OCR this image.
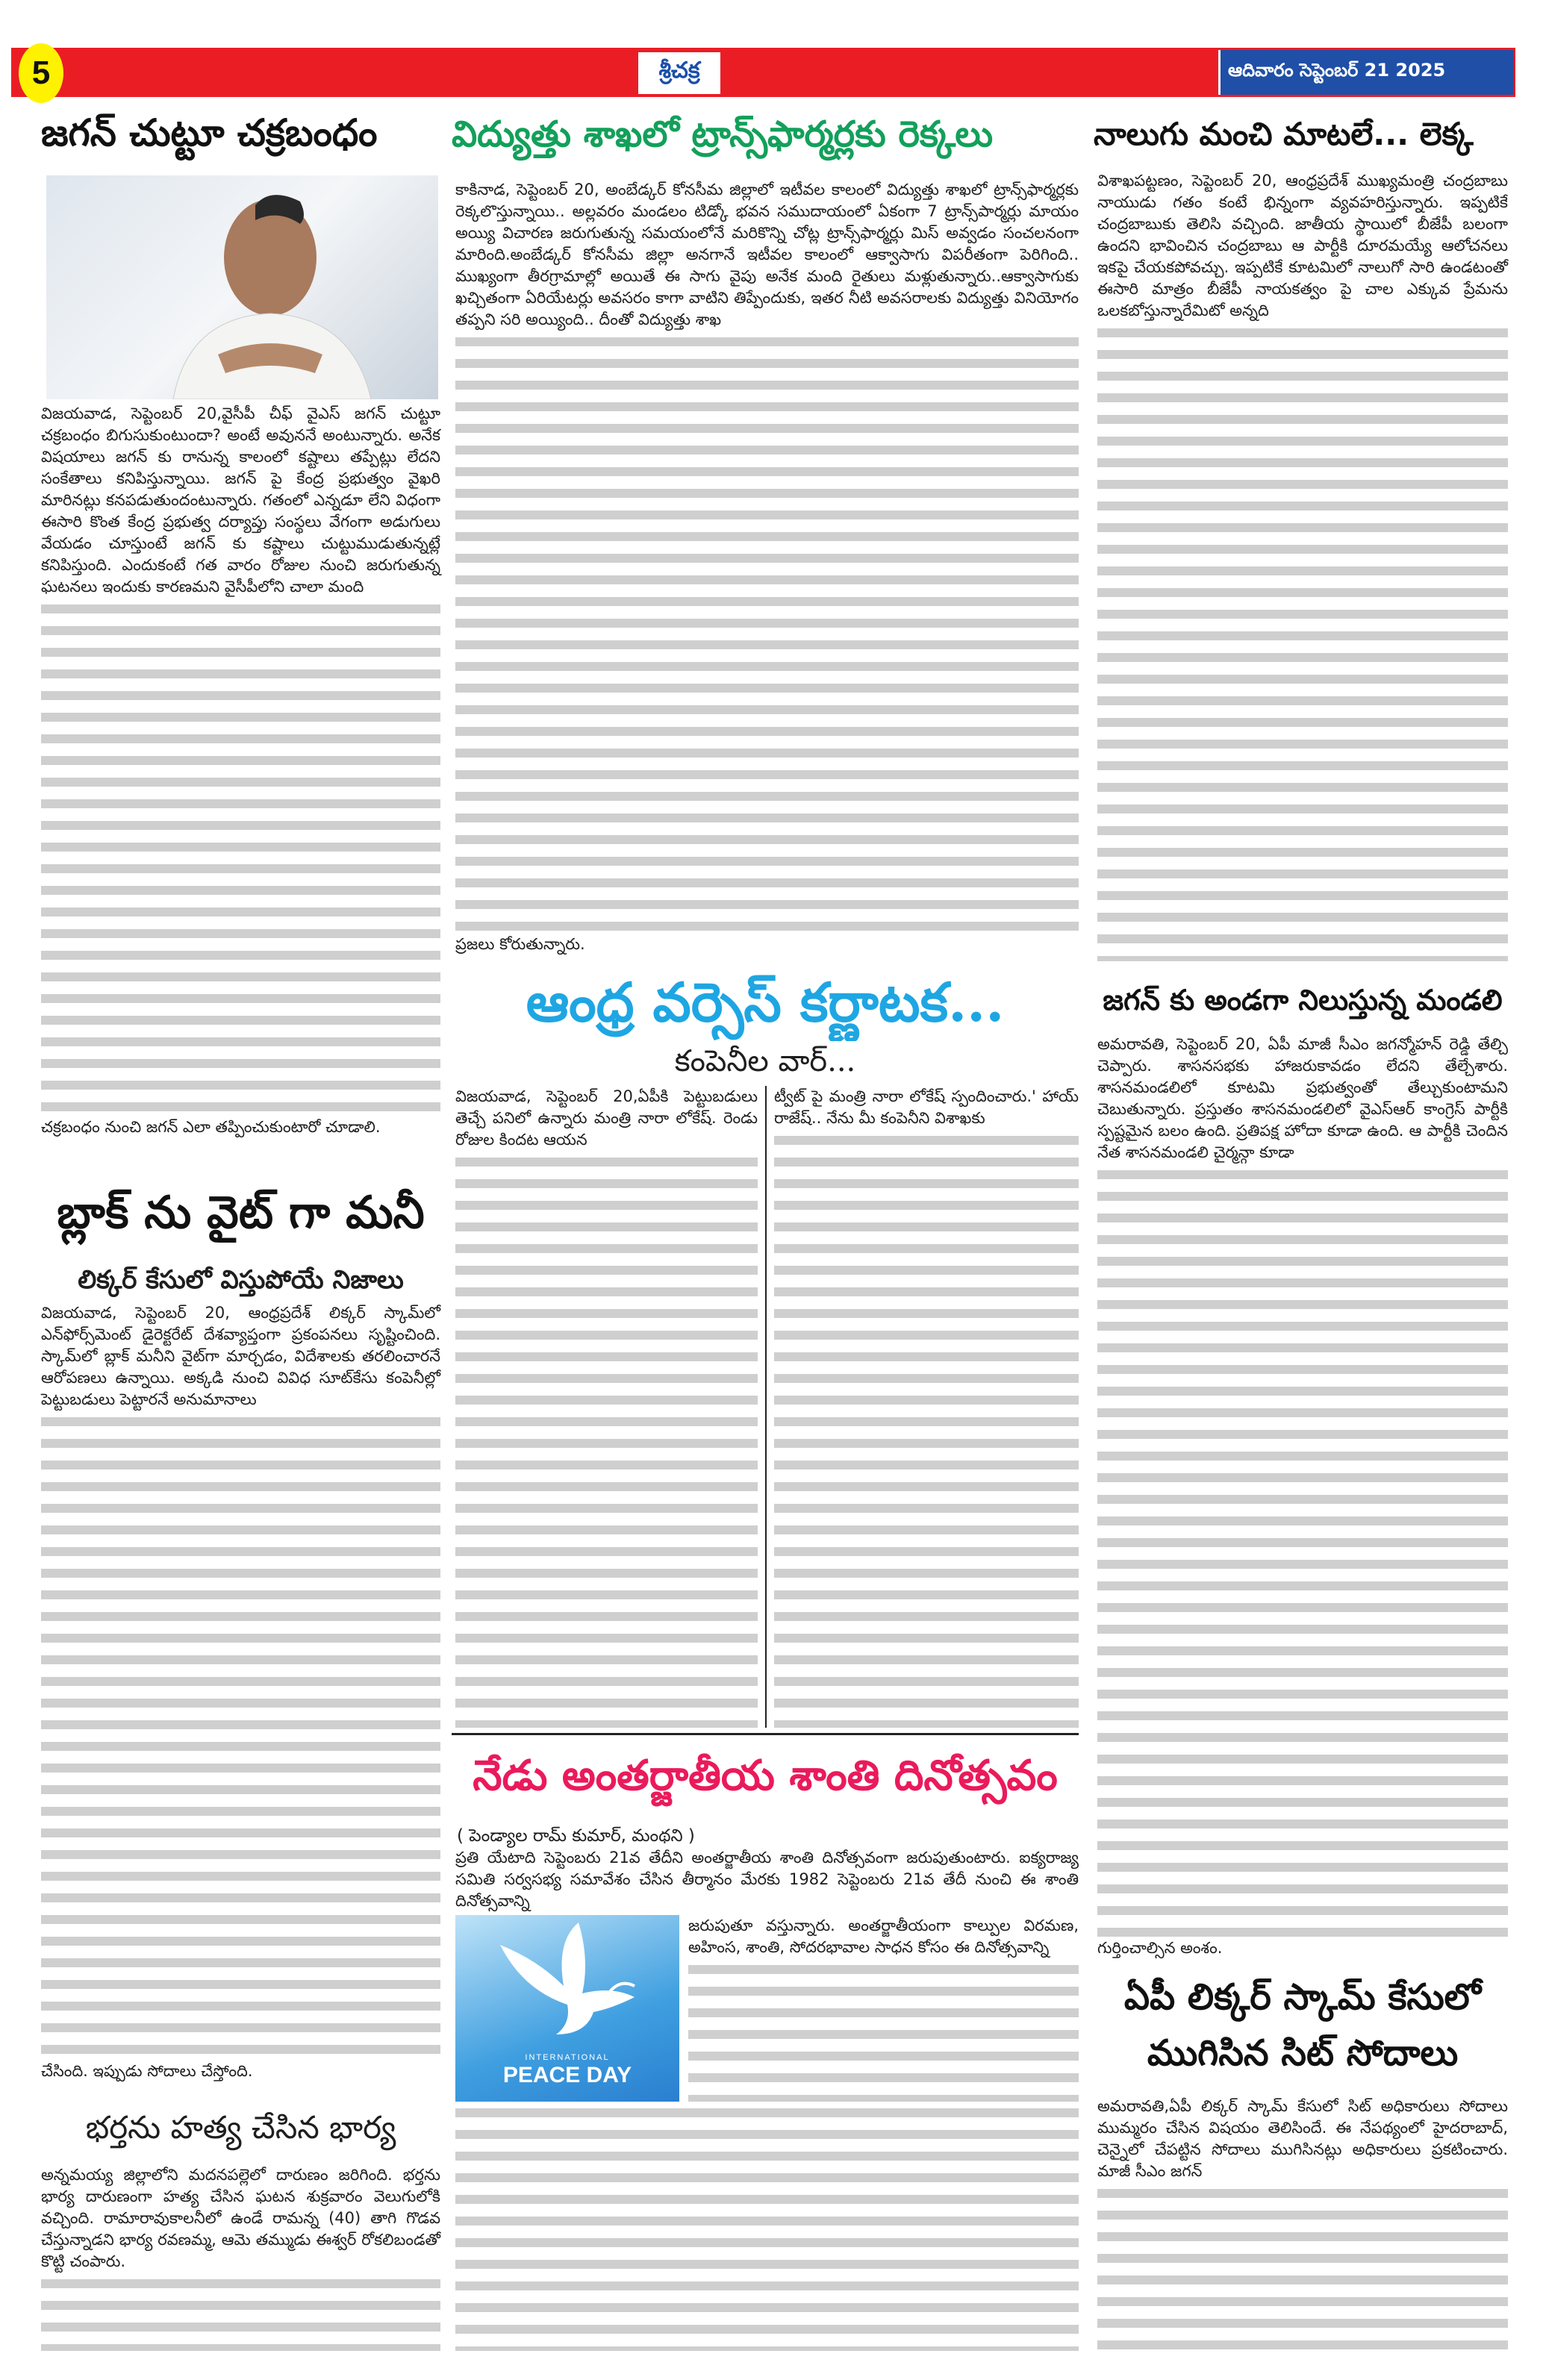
5	శ్రీచక్ర	ఆదివారం సెప్టెంబర్ 21 2025
జగన్ చుట్టూ చక్రబంధం

విజయవాడ, సెప్టెంబర్ 20,వైసీపీ చీఫ్ వైఎస్ జగన్ చుట్టూ చక్రబంధం బిగుసుకుంటుందా? అంటే అవుననే అంటున్నారు. అనేక విషయాలు జగన్ కు రానున్న కాలంలో కష్టాలు తప్పేట్లు లేదని సంకేతాలు కనిపిస్తున్నాయి. జగన్ పై కేంద్ర ప్రభుత్వం వైఖరి మారినట్లు కనపడుతుందంటున్నారు. గతంలో ఎన్నడూ లేని విధంగా ఈసారి కొంత కేంద్ర ప్రభుత్వ దర్యాప్తు సంస్థలు వేగంగా అడుగులు వేయడం చూస్తుంటే జగన్ కు కష్టాలు చుట్టుముడుతున్నట్లే కనిపిస్తుంది. ఎందుకంటే గత వారం రోజుల నుంచి జరుగుతున్న ఘటనలు ఇందుకు కారణమని వైసీపీలోని చాలా మంది

చక్రబంధం నుంచి జగన్ ఎలా తప్పించుకుంటారో చూడాలి.

బ్లాక్ ను వైట్ గా మనీ
లిక్కర్ కేసులో విస్తుపోయే నిజాలు

విజయవాడ, సెప్టెంబర్ 20, ఆంధ్రప్రదేశ్ లిక్కర్ స్కామ్‌లో ఎన్‌ఫోర్స్‌మెంట్ డైరెక్టరేట్ దేశవ్యాప్తంగా ప్రకంపనలు సృష్టించింది. స్కామ్‌లో బ్లాక్ మనీని వైట్‌గా మార్చడం, విదేశాలకు తరలించారనే ఆరోపణలు ఉన్నాయి. అక్కడి నుంచి వివిధ సూట్‌కేసు కంపెనీల్లో పెట్టుబడులు పెట్టారనే అనుమానాలు

చేసింది. ఇప్పుడు సోదాలు చేస్తోంది.

భర్తను హత్య చేసిన భార్య

అన్నమయ్య జిల్లాలోని మదనపల్లెలో దారుణం జరిగింది. భర్తను భార్య దారుణంగా హత్య చేసిన ఘటన శుక్రవారం వెలుగులోకి వచ్చింది. రామారావుకాలనీలో ఉండే రామన్న (40) తాగి గొడవ చేస్తున్నాడని భార్య రవణమ్మ, ఆమె తమ్ముడు ఈశ్వర్ రోకలిబండతో కొట్టి చంపారు.

విద్యుత్తు శాఖలో ట్రాన్స్‌ఫార్మర్లకు రెక్కలు

కాకినాడ, సెప్టెంబర్ 20, అంబేడ్కర్ కోనసీమ జిల్లాలో ఇటీవల కాలంలో విద్యుత్తు శాఖలో ట్రాన్స్‌ఫార్మర్లకు రెక్కలొస్తున్నాయి.. అల్లవరం మండలం టిడ్కో భవన సముదాయంలో ఏకంగా 7 ట్రాన్స్‌పార్మర్లు మాయం అయ్యి విచారణ జరుగుతున్న సమయంలోనే మరికొన్ని చోట్ల ట్రాన్స్‌ఫార్మర్లు మిస్ అవ్వడం సంచలనంగా మారింది.అంబేడ్కర్ కోనసీమ జిల్లా అనగానే ఇటీవల కాలంలో ఆక్వాసాగు విపరీతంగా పెరిగింది.. ముఖ్యంగా తీరగ్రామాల్లో అయితే ఈ సాగు వైపు అనేక మంది రైతులు మళ్లుతున్నారు..ఆక్వాసాగుకు ఖచ్చితంగా ఏరియేటర్లు అవసరం కాగా వాటిని తిప్పేందుకు, ఇతర నీటి అవసరాలకు విద్యుత్తు వినియోగం తప్పని సరి అయ్యింది.. దీంతో విద్యుత్తు శాఖ

ప్రజలు కోరుతున్నారు.

ఆంధ్ర వర్సెస్ కర్ణాటక...
కంపెనీల వార్...

విజయవాడ, సెప్టెంబర్ 20,ఏపీకి పెట్టుబడులు తెచ్చే పనిలో ఉన్నారు మంత్రి నారా లోకేష్. రెండు రోజుల కిందట ఆయన

ట్వీట్ పై మంత్రి నారా లోకేష్ స్పందించారు.' హాయ్ రాజేష్.. నేను మీ కంపెనీని విశాఖకు

నేడు అంతర్జాతీయ శాంతి దినోత్సవం
( పెండ్యాల రామ్ కుమార్, మంథని )

ప్రతి యేటాది సెప్టెంబరు 21వ తేదీని అంతర్జాతీయ శాంతి దినోత్సవంగా జరుపుతుంటారు. ఐక్యరాజ్య సమితి సర్వసభ్య సమావేశం చేసిన తీర్మానం మేరకు 1982 సెప్టెంబరు 21వ తేదీ నుంచి ఈ శాంతి దినోత్సవాన్ని

INTERNATIONAL
PEACE DAY

జరుపుతూ వస్తున్నారు. అంతర్జాతీయంగా కాల్పుల విరమణ, అహింస, శాంతి, సోదరభావాల సాధన కోసం ఈ దినోత్సవాన్ని

నాలుగు మంచి మాటలే... లెక్క

విశాఖపట్టణం, సెప్టెంబర్ 20, ఆంధ్రప్రదేశ్ ముఖ్యమంత్రి చంద్రబాబు నాయుడు గతం కంటే భిన్నంగా వ్యవహరిస్తున్నారు. ఇప్పటికే చంద్రబాబుకు తెలిసి వచ్చింది. జాతీయ స్థాయిలో బీజేపీ బలంగా ఉందని భావించిన చంద్రబాబు ఆ పార్టీకి దూరమయ్యే ఆలోచనలు ఇకపై చేయకపోవచ్చు. ఇప్పటికే కూటమిలో నాలుగో సారి ఉండటంతో ఈసారి మాత్రం బీజేపీ నాయకత్వం పై చాల ఎక్కువ ప్రేమను ఒలకబోస్తున్నారేమిటో అన్నది

జగన్ కు అండగా నిలుస్తున్న మండలి

అమరావతి, సెప్టెంబర్ 20, ఏపీ మాజీ సీఎం జగన్మోహన్ రెడ్డి తేల్చి చెప్పారు. శాసనసభకు హాజరుకావడం లేదని తేల్చేశారు. శాసనమండలిలో కూటమి ప్రభుత్వంతో తేల్చుకుంటామని చెబుతున్నారు. ప్రస్తుతం శాసనమండలిలో వైఎస్ఆర్ కాంగ్రెస్ పార్టీకి స్పష్టమైన బలం ఉంది. ప్రతిపక్ష హోదా కూడా ఉంది. ఆ పార్టీకి చెందిన నేత శాసనమండలి చైర్మన్గా కూడా

గుర్తించాల్సిన అంశం.

ఏపీ లిక్కర్ స్కామ్ కేసులో
ముగిసిన సిట్ సోదాలు

అమరావతి,ఏపీ లిక్కర్ స్కామ్ కేసులో సిట్ అధికారులు సోదాలు ముమ్మరం చేసిన విషయం తెలిసిందే. ఈ నేపథ్యంలో హైదరాబాద్, చెన్నైలో చేపట్టిన సోదాలు ముగిసినట్లు అధికారులు ప్రకటించారు. మాజీ సీఎం జగన్
